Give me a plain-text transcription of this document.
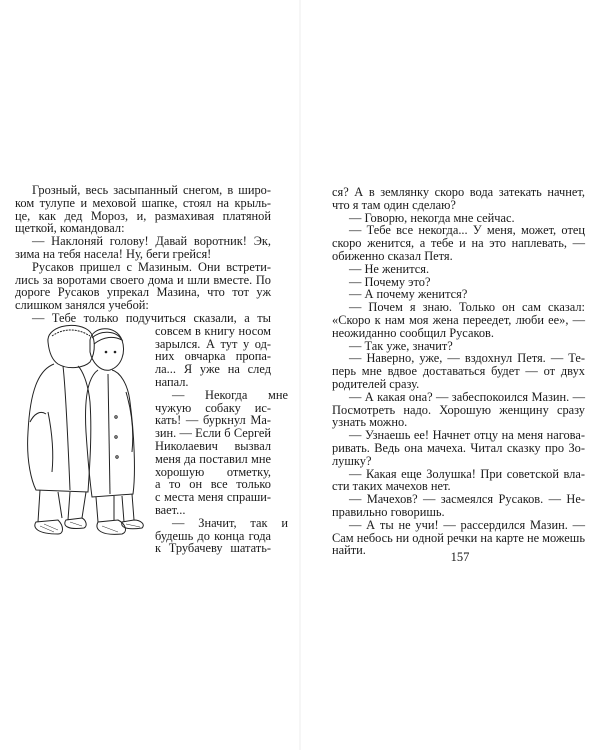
Грозный, весь засыпанный снегом, в широ-
ком тулупе и меховой шапке, стоял на крыль-
це, как дед Мороз, и, размахивая платяной
щеткой, командовал:
— Наклоняй голову! Давай воротник! Эк,
зима на тебя насела! Ну, беги грейся!
Русаков пришел с Мазиным. Они встрети-
лись за воротами своего дома и шли вместе. По
дороге Русаков упрекал Мазина, что тот уж
слишком занялся учебой:
— Тебе только подучиться сказали, а ты
совсем в книгу носом
зарылся. А тут у од-
них овчарка пропа-
ла... Я уже на след
напал.
— Некогда мне
чужую собаку ис-
кать! — буркнул Ма-
зин. — Если б Сергей
Николаевич вызвал
меня да поставил мне
хорошую отметку,
а то он все только
с места меня спраши-
вает...
— Значит, так и
будешь до конца года
к Трубачеву шатать-
ся? А в землянку скоро вода затекать начнет,
что я там один сделаю?
— Говорю, некогда мне сейчас.
— Тебе все некогда... У меня, может, отец
скоро женится, а тебе и на это наплевать, —
обиженно сказал Петя.
— Не женится.
— Почему это?
— А почему женится?
— Почем я знаю. Только он сам сказал:
«Скоро к нам моя жена переедет, люби ее», —
неожиданно сообщил Русаков.
— Так уже, значит?
— Наверно, уже, — вздохнул Петя. — Те-
перь мне вдвое доставаться будет — от двух
родителей сразу.
— А какая она? — забеспокоился Мазин. —
Посмотреть надо. Хорошую женщину сразу
узнать можно.
— Узнаешь ее! Начнет отцу на меня нагова-
ривать. Ведь она мачеха. Читал сказку про Зо-
лушку?
— Какая еще Золушка! При советской вла-
сти таких мачехов нет.
— Мачехов? — засмеялся Русаков. — Не-
правильно говоришь.
— А ты не учи! — рассердился Мазин. —
Сам небось ни одной речки на карте не можешь
найти.	157
